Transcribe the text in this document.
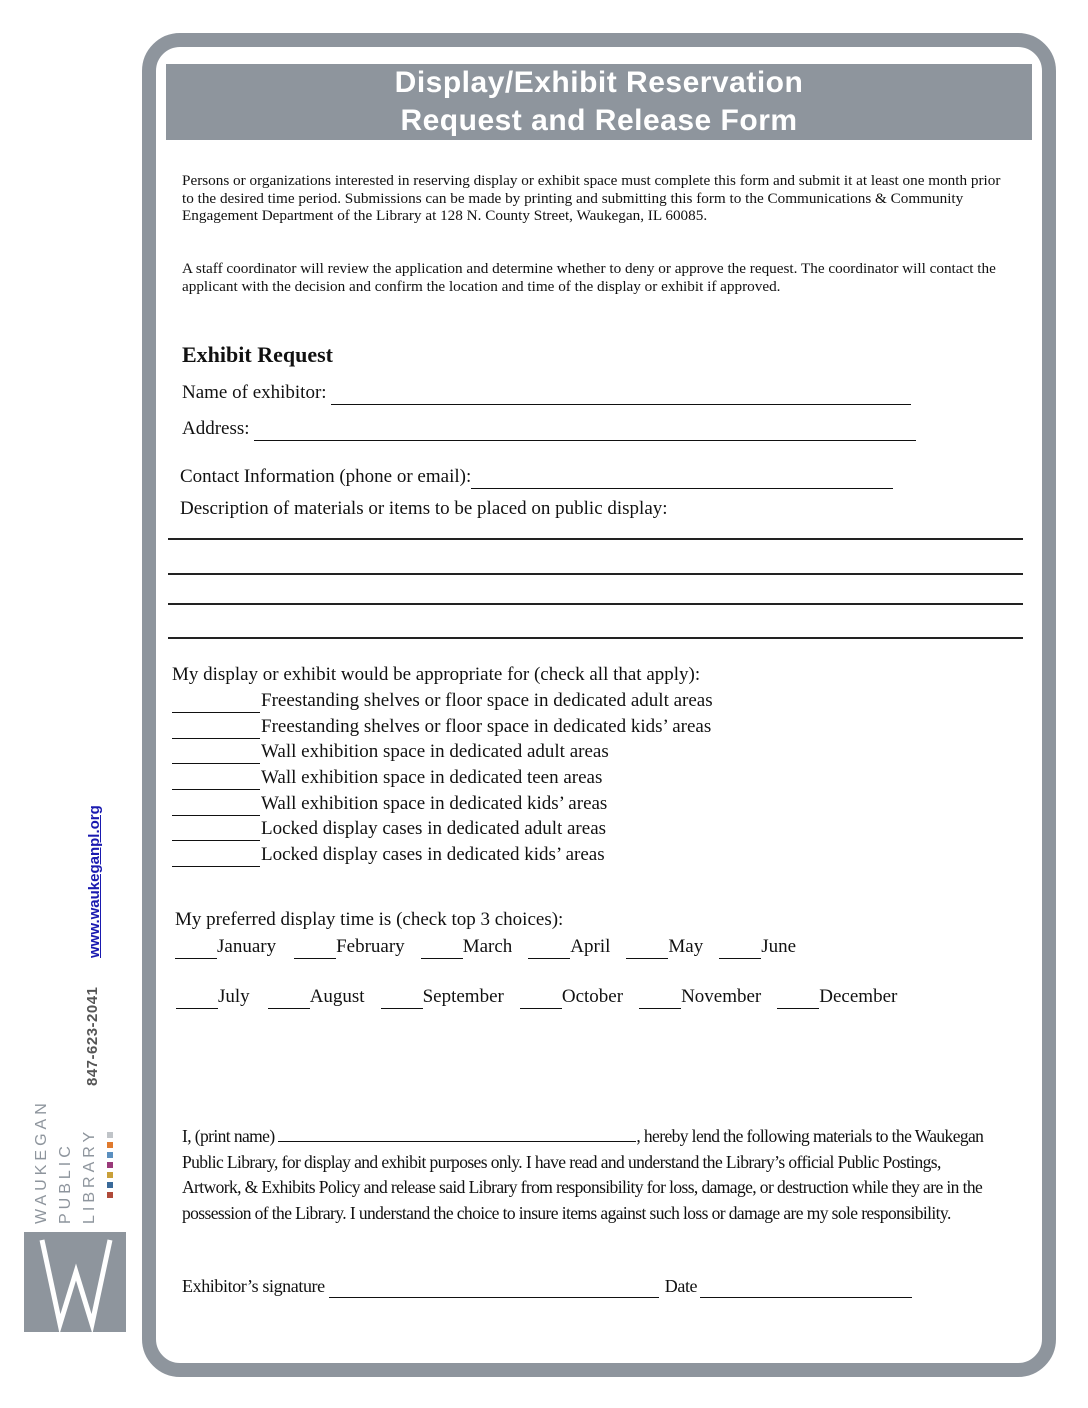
Display/Exhibit Reservation
Request and Release Form
Persons or organizations interested in reserving display or exhibit space must complete this form and submit it at least one month prior to the desired time period. Submissions can be made by printing and submitting this form to the Communications & Community Engagement Department of the Library at 128 N. County Street, Waukegan, IL 60085.
A staff coordinator will review the application and determine whether to deny or approve the request. The coordinator will contact the applicant with the decision and confirm the location and time of the display or exhibit if approved.
Exhibit Request
Name of exhibitor:
Address:
Contact Information (phone or email):
Description of materials or items to be placed on public display:
My display or exhibit would be appropriate for (check all that apply):
Freestanding shelves or floor space in dedicated adult areas
Freestanding shelves or floor space in dedicated kids’ areas
Wall exhibition space in dedicated adult areas
Wall exhibition space in dedicated teen areas
Wall exhibition space in dedicated kids’ areas
Locked display cases in dedicated adult areas
Locked display cases in dedicated kids’ areas
My preferred display time is (check top 3 choices):
January	February	March	April	May	June
July	August	September	October	November	December
I, (print name)	, hereby lend the following materials to the Waukegan Public Library, for display and exhibit purposes only. I have read and understand the Library’s official Public Postings, Artwork, & Exhibits Policy and release said Library from responsibility for loss, damage, or destruction while they are in the possession of the Library. I understand the choice to insure items against such loss or damage are my sole responsibility.
Exhibitor’s signature	Date
847-623-2041
www.waukeganpl.org
WAUKEGAN PUBLIC LIBRARY
